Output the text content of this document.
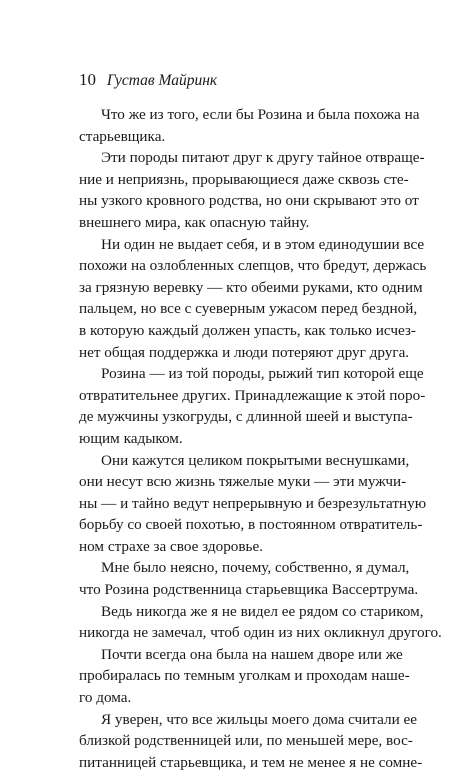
10 Густав Майринк
Что же из того, если бы Розина и была похожа на
старьевщика.
Эти породы питают друг к другу тайное отвраще-
ние и неприязнь, прорывающиеся даже сквозь сте-
ны узкого кровного родства, но они скрывают это от
внешнего мира, как опасную тайну.
Ни один не выдает себя, и в этом единодушии все
похожи на озлобленных слепцов, что бредут, держась
за грязную веревку — кто обеими руками, кто одним
пальцем, но все с суеверным ужасом перед бездной,
в которую каждый должен упасть, как только исчез-
нет общая поддержка и люди потеряют друг друга.
Розина — из той породы, рыжий тип которой еще
отвратительнее других. Принадлежащие к этой поро-
де мужчины узкогруды, с длинной шеей и выступа-
ющим кадыком.
Они кажутся целиком покрытыми веснушками,
они несут всю жизнь тяжелые муки — эти мужчи-
ны — и тайно ведут непрерывную и безрезультатную
борьбу со своей похотью, в постоянном отвратитель-
ном страхе за свое здоровье.
Мне было неясно, почему, собственно, я думал,
что Розина родственница старьевщика Вассертрума.
Ведь никогда же я не видел ее рядом со стариком,
никогда не замечал, чтоб один из них окликнул другого.
Почти всегда она была на нашем дворе или же
пробиралась по темным уголкам и проходам наше-
го дома.
Я уверен, что все жильцы моего дома считали ее
близкой родственницей или, по меньшей мере, вос-
питанницей старьевщика, и тем не менее я не сомне-
